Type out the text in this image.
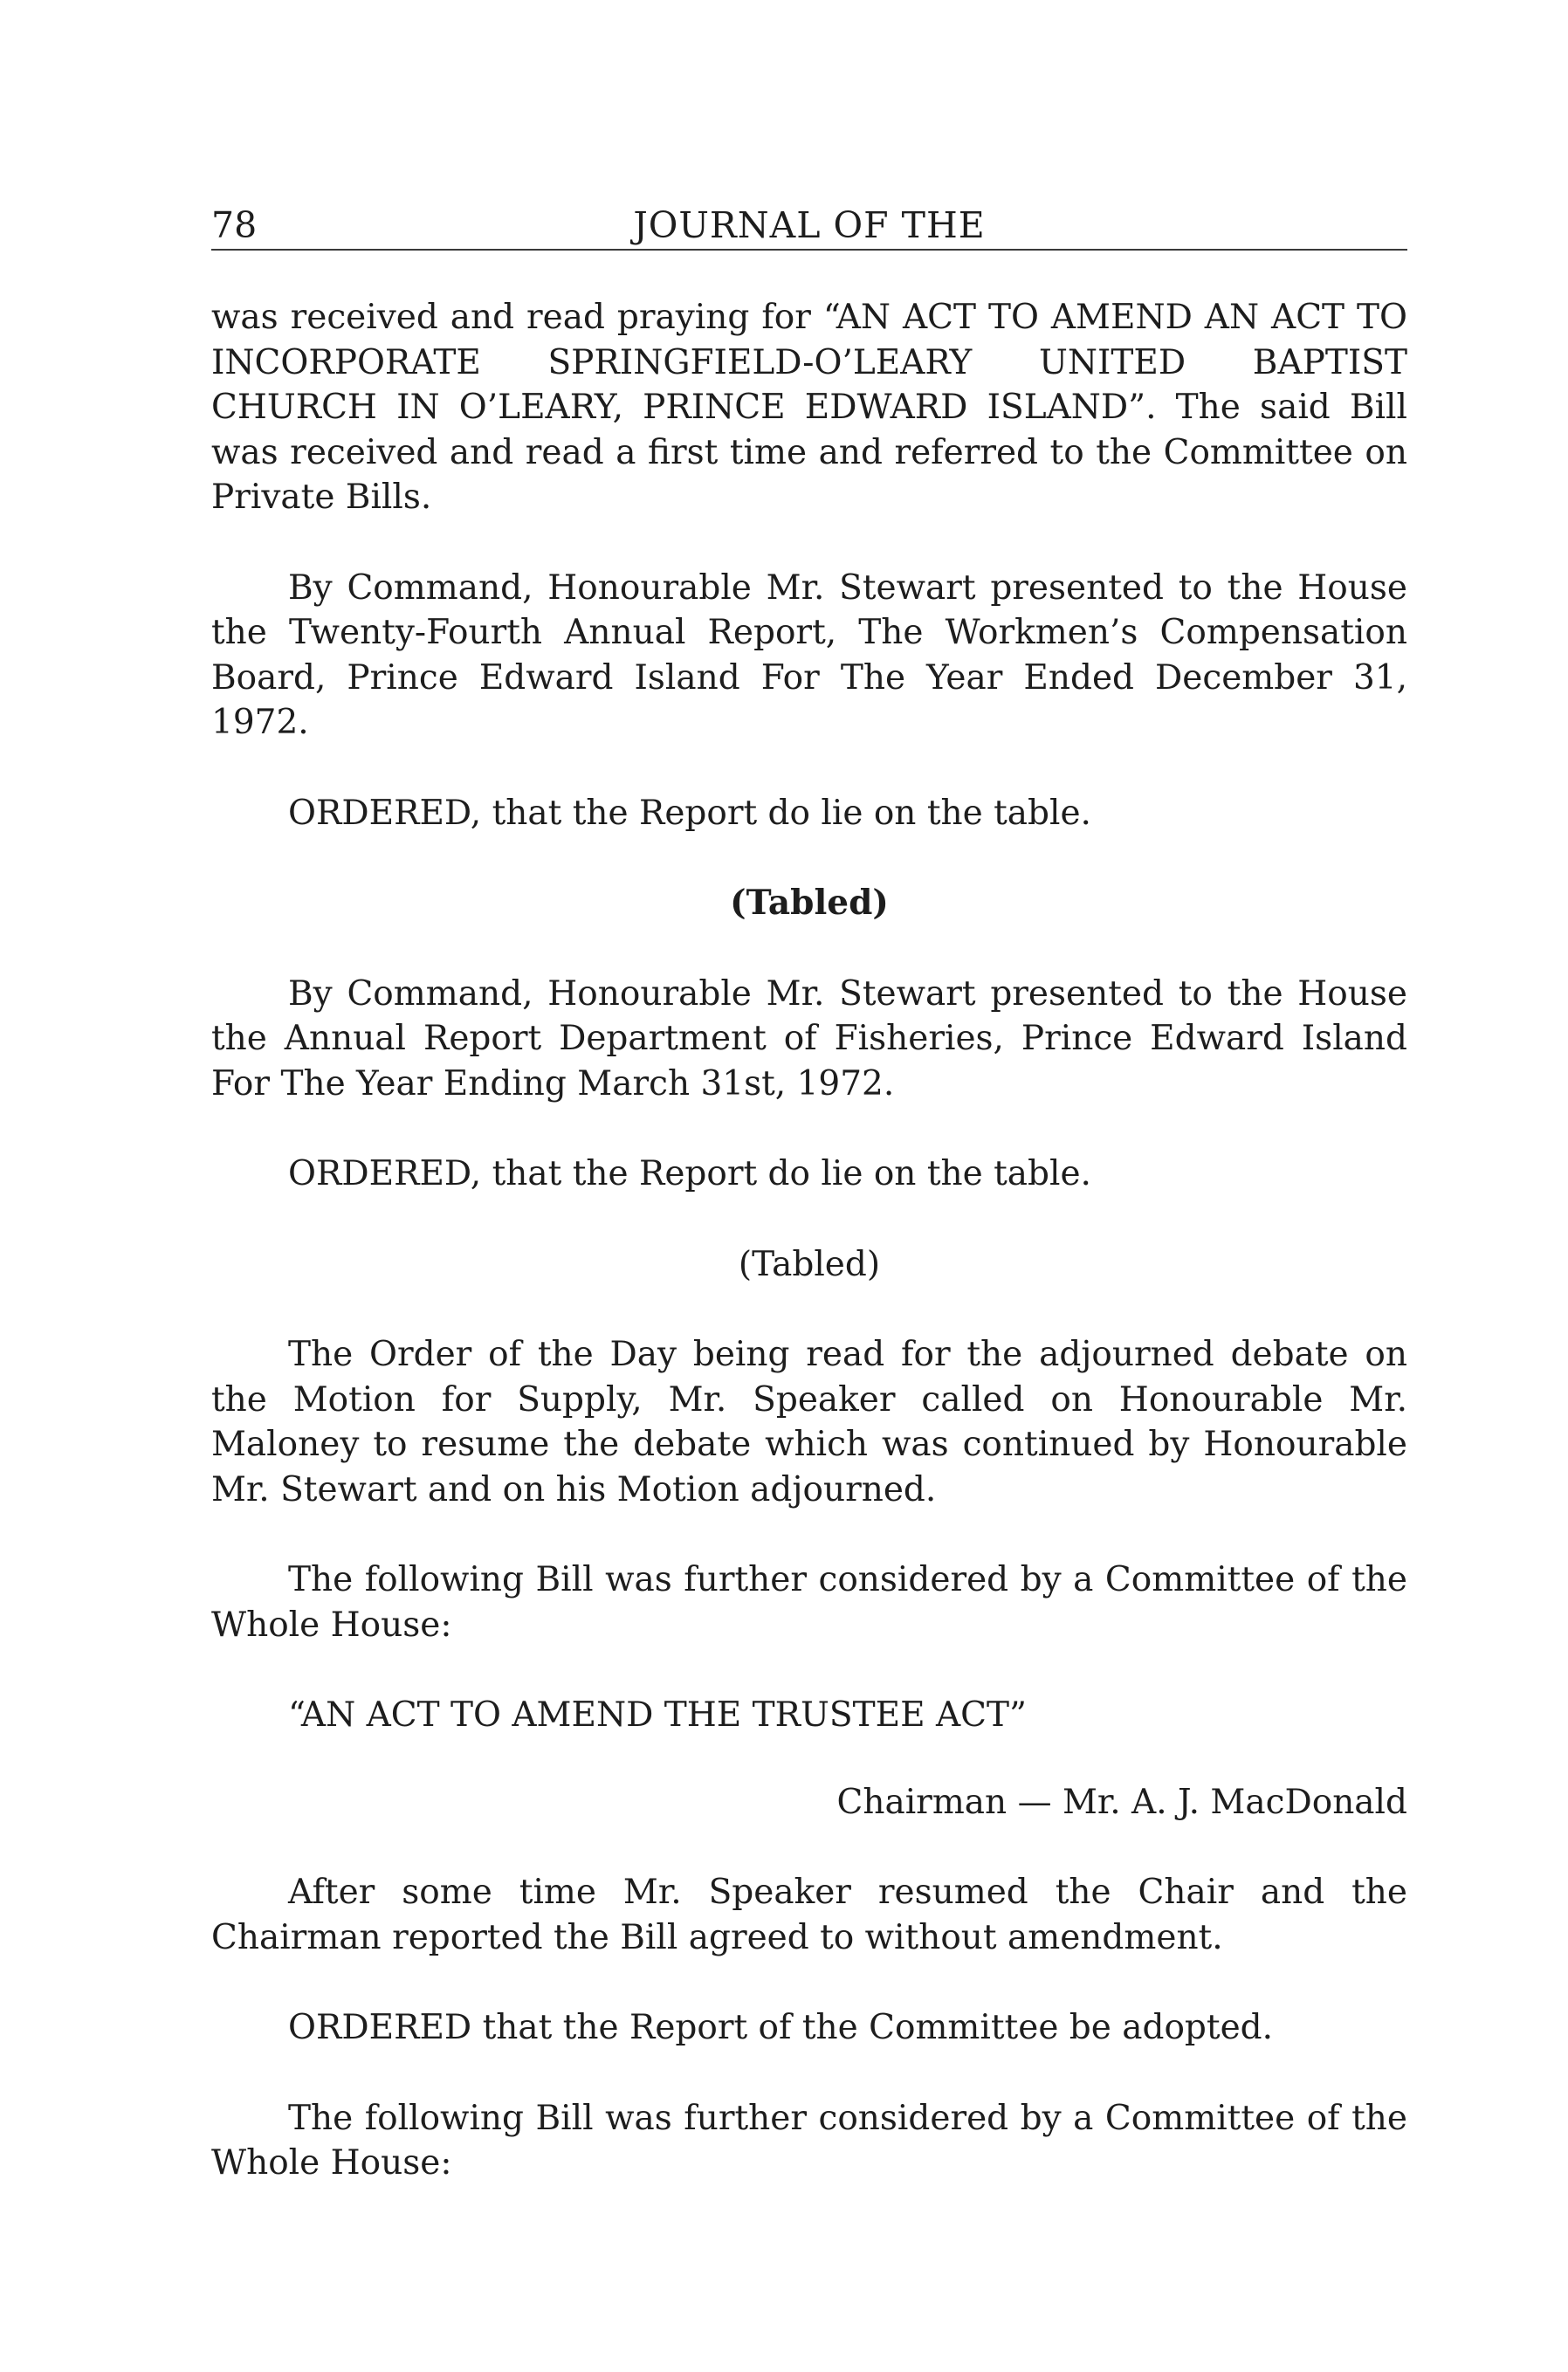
78	JOURNAL OF THE

was received and read praying for “AN ACT TO AMEND AN ACT TO INCORPORATE SPRINGFIELD-O’LEARY UNITED BAPTIST CHURCH IN O’LEARY, PRINCE EDWARD ISLAND”. The said Bill was received and read a first time and referred to the Committee on Private Bills.

By Command, Honourable Mr. Stewart presented to the House the Twenty-Fourth Annual Report, The Workmen’s Compensation Board, Prince Edward Island For The Year Ended December 31, 1972.

ORDERED, that the Report do lie on the table.

(Tabled)

By Command, Honourable Mr. Stewart presented to the House the Annual Report Department of Fisheries, Prince Edward Island For The Year Ending March 31st, 1972.

ORDERED, that the Report do lie on the table.

(Tabled)

The Order of the Day being read for the adjourned debate on the Motion for Supply, Mr. Speaker called on Honourable Mr. Maloney to resume the debate which was continued by Honourable Mr. Stewart and on his Motion adjourned.

The following Bill was further considered by a Committee of the Whole House:

“AN ACT TO AMEND THE TRUSTEE ACT”

Chairman — Mr. A. J. MacDonald

After some time Mr. Speaker resumed the Chair and the Chairman reported the Bill agreed to without amendment.

ORDERED that the Report of the Committee be adopted.

The following Bill was further considered by a Committee of the Whole House:
